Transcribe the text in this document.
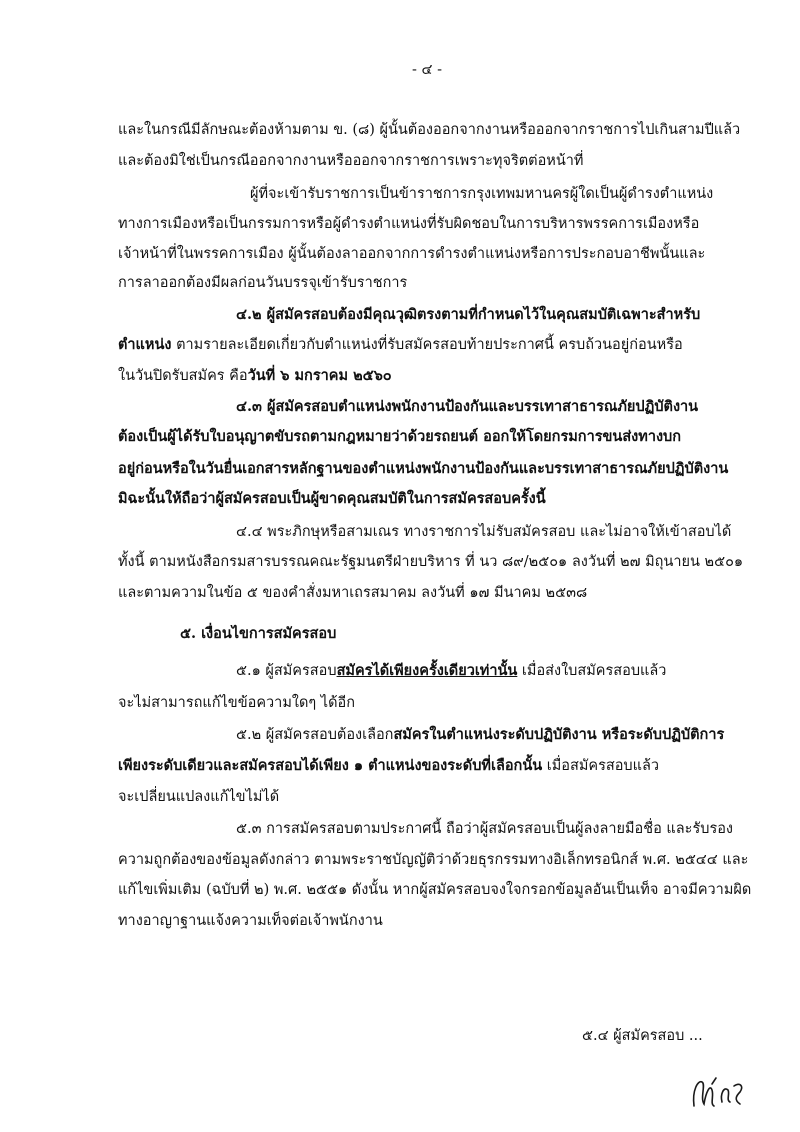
- ๔ -
และในกรณีมีลักษณะต้องห้ามตาม ข. (๘) ผู้นั้นต้องออกจากงานหรือออกจากราชการไปเกินสามปีแล้ว
และต้องมิใช่เป็นกรณีออกจากงานหรือออกจากราชการเพราะทุจริตต่อหน้าที่
ผู้ที่จะเข้ารับราชการเป็นข้าราชการกรุงเทพมหานครผู้ใดเป็นผู้ดำรงตำแหน่ง
ทางการเมืองหรือเป็นกรรมการหรือผู้ดำรงตำแหน่งที่รับผิดชอบในการบริหารพรรคการเมืองหรือ
เจ้าหน้าที่ในพรรคการเมือง ผู้นั้นต้องลาออกจากการดำรงตำแหน่งหรือการประกอบอาชีพนั้นและ
การลาออกต้องมีผลก่อนวันบรรจุเข้ารับราชการ
๔.๒ ผู้สมัครสอบต้องมีคุณวุฒิตรงตามที่กำหนดไว้ในคุณสมบัติเฉพาะสำหรับ
ตำแหน่ง ตามรายละเอียดเกี่ยวกับตำแหน่งที่รับสมัครสอบท้ายประกาศนี้ ครบถ้วนอยู่ก่อนหรือ
ในวันปิดรับสมัคร คือวันที่ ๖ มกราคม ๒๕๖๐
๔.๓ ผู้สมัครสอบตำแหน่งพนักงานป้องกันและบรรเทาสาธารณภัยปฏิบัติงาน
ต้องเป็นผู้ได้รับใบอนุญาตขับรถตามกฎหมายว่าด้วยรถยนต์ ออกให้โดยกรมการขนส่งทางบก
อยู่ก่อนหรือในวันยื่นเอกสารหลักฐานของตำแหน่งพนักงานป้องกันและบรรเทาสาธารณภัยปฏิบัติงาน
มิฉะนั้นให้ถือว่าผู้สมัครสอบเป็นผู้ขาดคุณสมบัติในการสมัครสอบครั้งนี้
๔.๔ พระภิกษุหรือสามเณร ทางราชการไม่รับสมัครสอบ และไม่อาจให้เข้าสอบได้
ทั้งนี้ ตามหนังสือกรมสารบรรณคณะรัฐมนตรีฝ่ายบริหาร ที่ นว ๘๙/๒๕๐๑ ลงวันที่ ๒๗ มิถุนายน ๒๕๐๑
และตามความในข้อ ๕ ของคำสั่งมหาเถรสมาคม ลงวันที่ ๑๗ มีนาคม ๒๕๓๘
๕. เงื่อนไขการสมัครสอบ
๕.๑ ผู้สมัครสอบสมัครได้เพียงครั้งเดียวเท่านั้น เมื่อส่งใบสมัครสอบแล้ว
จะไม่สามารถแก้ไขข้อความใดๆ ได้อีก
๕.๒ ผู้สมัครสอบต้องเลือกสมัครในตำแหน่งระดับปฏิบัติงาน หรือระดับปฏิบัติการ
เพียงระดับเดียวและสมัครสอบได้เพียง ๑ ตำแหน่งของระดับที่เลือกนั้น เมื่อสมัครสอบแล้ว
จะเปลี่ยนแปลงแก้ไขไม่ได้
๕.๓ การสมัครสอบตามประกาศนี้ ถือว่าผู้สมัครสอบเป็นผู้ลงลายมือชื่อ และรับรอง
ความถูกต้องของข้อมูลดังกล่าว ตามพระราชบัญญัติว่าด้วยธุรกรรมทางอิเล็กทรอนิกส์ พ.ศ. ๒๕๔๔ และ
แก้ไขเพิ่มเติม (ฉบับที่ ๒) พ.ศ. ๒๕๕๑ ดังนั้น หากผู้สมัครสอบจงใจกรอกข้อมูลอันเป็นเท็จ อาจมีความผิด
ทางอาญาฐานแจ้งความเท็จต่อเจ้าพนักงาน
๕.๔ ผู้สมัครสอบ ...
